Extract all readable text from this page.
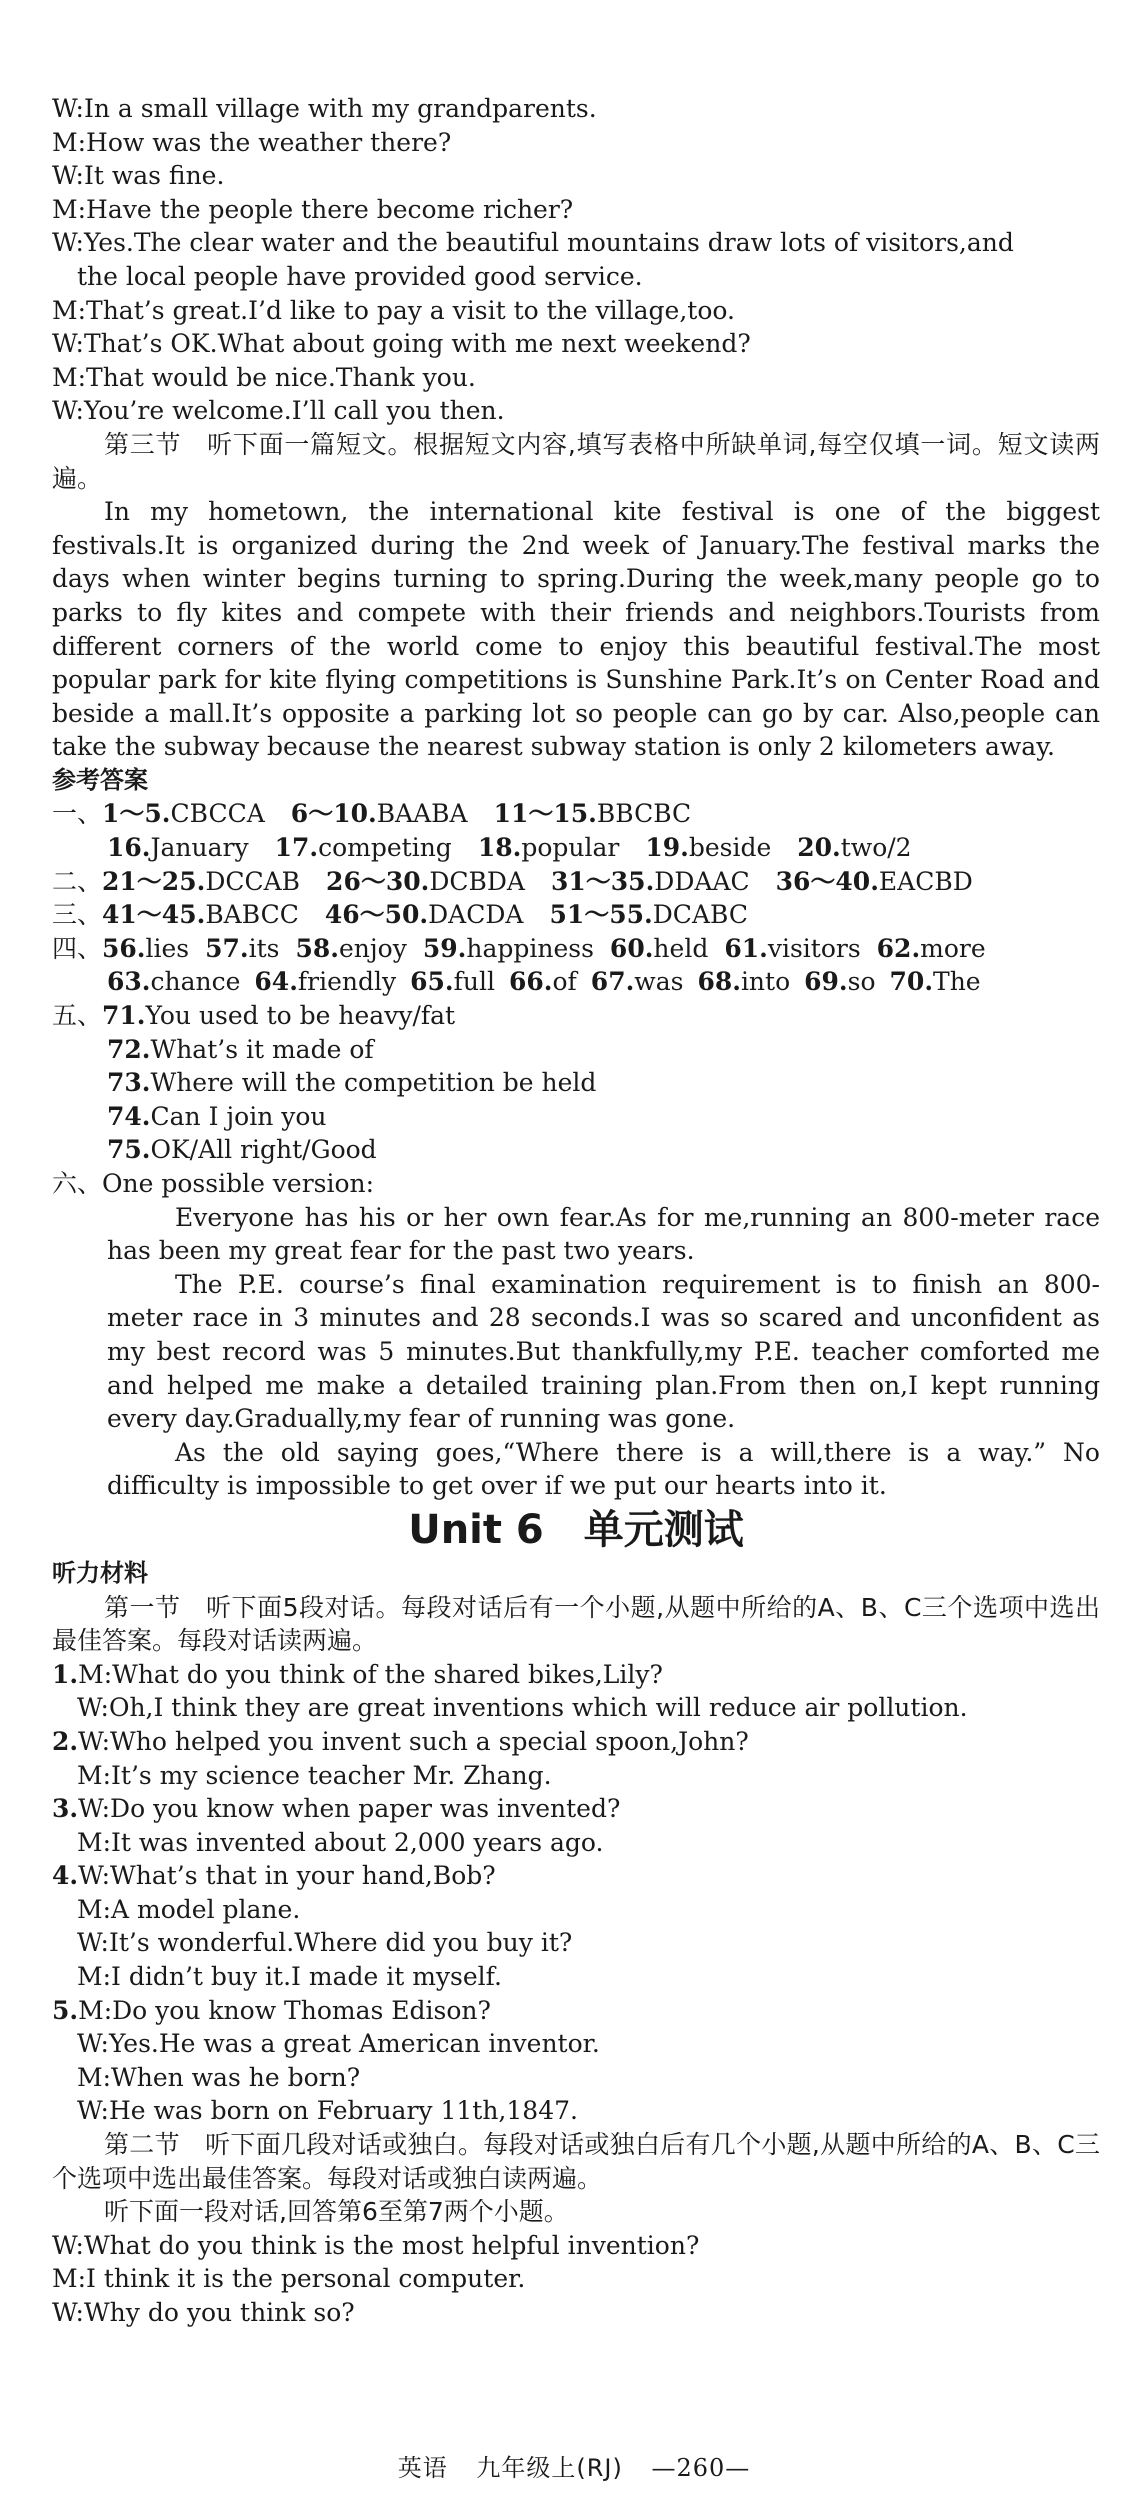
W:In a small village with my grandparents.
M:How was the weather there?
W:It was fine.
M:Have the people there become richer?
W:Yes.The clear water and the beautiful mountains draw lots of visitors,and
the local people have provided good service.
M:That’s great.I’d like to pay a visit to the village,too.
W:That’s OK.What about going with me next weekend?
M:That would be nice.Thank you.
W:You’re welcome.I’ll call you then.
第三节　听下面一篇短文。根据短文内容,填写表格中所缺单词,每空仅填一词。短文读两遍。
In my hometown, the international kite festival is one of the biggest festivals.It is organized during the 2nd week of January.The festival marks the days when winter begins turning to spring.During the week,many people go to parks to fly kites and compete with their friends and neighbors.Tourists from different corners of the world come to enjoy this beautiful festival.The most popular park for kite flying competitions is Sunshine Park.It’s on Center Road and beside a mall.It’s opposite a parking lot so people can go by car. Also,people can take the subway because the nearest subway station is only 2 kilometers away.
参考答案
一、1～5.CBCCA 6～10.BAABA 11～15.BBCBC
16.January 17.competing 18.popular 19.beside 20.two/2
二、21～25.DCCAB 26～30.DCBDA 31～35.DDAAC 36～40.EACBD
三、41～45.BABCC 46～50.DACDA 51～55.DCABC
四、56.lies 57.its 58.enjoy 59.happiness 60.held 61.visitors 62.more
63.chance 64.friendly 65.full 66.of 67.was 68.into 69.so 70.The
五、71.You used to be heavy/fat
72.What’s it made of
73.Where will the competition be held
74.Can I join you
75.OK/All right/Good
六、One possible version:
Everyone has his or her own fear.As for me,running an 800-meter race has been my great fear for the past two years.
The P.E. course’s final examination requirement is to finish an 800-meter race in 3 minutes and 28 seconds.I was so scared and unconfident as my best record was 5 minutes.But thankfully,my P.E. teacher comforted me and helped me make a detailed training plan.From then on,I kept running every day.Gradually,my fear of running was gone.
As the old saying goes,“Where there is a will,there is a way.” No difficulty is impossible to get over if we put our hearts into it.
Unit 6　单元测试
听力材料
第一节　听下面5段对话。每段对话后有一个小题,从题中所给的A、B、C三个选项中选出最佳答案。每段对话读两遍。
1.M:What do you think of the shared bikes,Lily?
W:Oh,I think they are great inventions which will reduce air pollution.
2.W:Who helped you invent such a special spoon,John?
M:It’s my science teacher Mr. Zhang.
3.W:Do you know when paper was invented?
M:It was invented about 2,000 years ago.
4.W:What’s that in your hand,Bob?
M:A model plane.
W:It’s wonderful.Where did you buy it?
M:I didn’t buy it.I made it myself.
5.M:Do you know Thomas Edison?
W:Yes.He was a great American inventor.
M:When was he born?
W:He was born on February 11th,1847.
第二节　听下面几段对话或独白。每段对话或独白后有几个小题,从题中所给的A、B、C三个选项中选出最佳答案。每段对话或独白读两遍。
听下面一段对话,回答第6至第7两个小题。
W:What do you think is the most helpful invention?
M:I think it is the personal computer.
W:Why do you think so?
英语 九年级上(RJ) —260—
